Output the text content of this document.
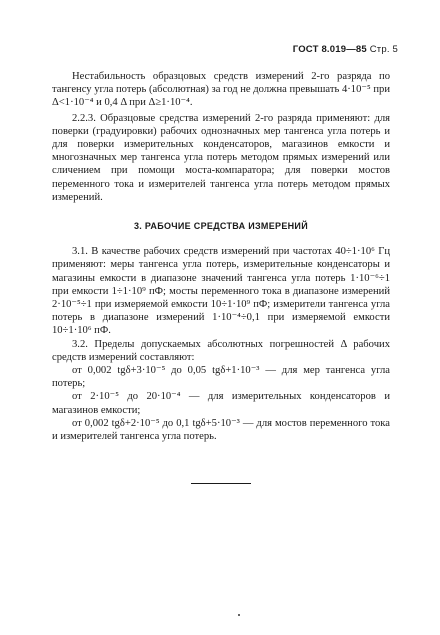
ГОСТ 8.019—85 Стр. 5

Нестабильность образцовых средств измерений 2-го разряда по тангенсу угла потерь (абсолютная) за год не должна превышать 4·10⁻⁵ при Δ<1·10⁻⁴ и 0,4 Δ при Δ≥1·10⁻⁴.

2.2.3. Образцовые средства измерений 2-го разряда применяют: для поверки (градуировки) рабочих однозначных мер тангенса угла потерь и для поверки измерительных конденсаторов, магазинов емкости и многозначных мер тангенса угла потерь методом прямых измерений или сличением при помощи моста-компаратора; для поверки мостов переменного тока и измерителей тангенса угла потерь методом прямых измерений.

3. РАБОЧИЕ СРЕДСТВА ИЗМЕРЕНИЙ

3.1. В качестве рабочих средств измерений при частотах 40÷1·10⁶ Гц применяют: меры тангенса угла потерь, измерительные конденсаторы и магазины емкости в диапазоне значений тангенса угла потерь 1·10⁻⁶÷1 при емкости 1÷1·10⁹ пФ; мосты переменного тока в диапазоне измерений 2·10⁻⁵÷1 при измеряемой емкости 10÷1·10⁹ пФ; измерители тангенса угла потерь в диапазоне измерений 1·10⁻⁴÷0,1 при измеряемой емкости 10÷1·10⁶ пФ.

3.2. Пределы допускаемых абсолютных погрешностей Δ рабочих средств измерений составляют:

от 0,002 tgδ+3·10⁻⁵ до 0,05 tgδ+1·10⁻³ — для мер тангенса угла потерь;

от 2·10⁻⁵ до 20·10⁻⁴ — для измерительных конденсаторов и магазинов емкости;

от 0,002 tgδ+2·10⁻⁵ до 0,1 tgδ+5·10⁻³ — для мостов переменного тока и измерителей тангенса угла потерь.
